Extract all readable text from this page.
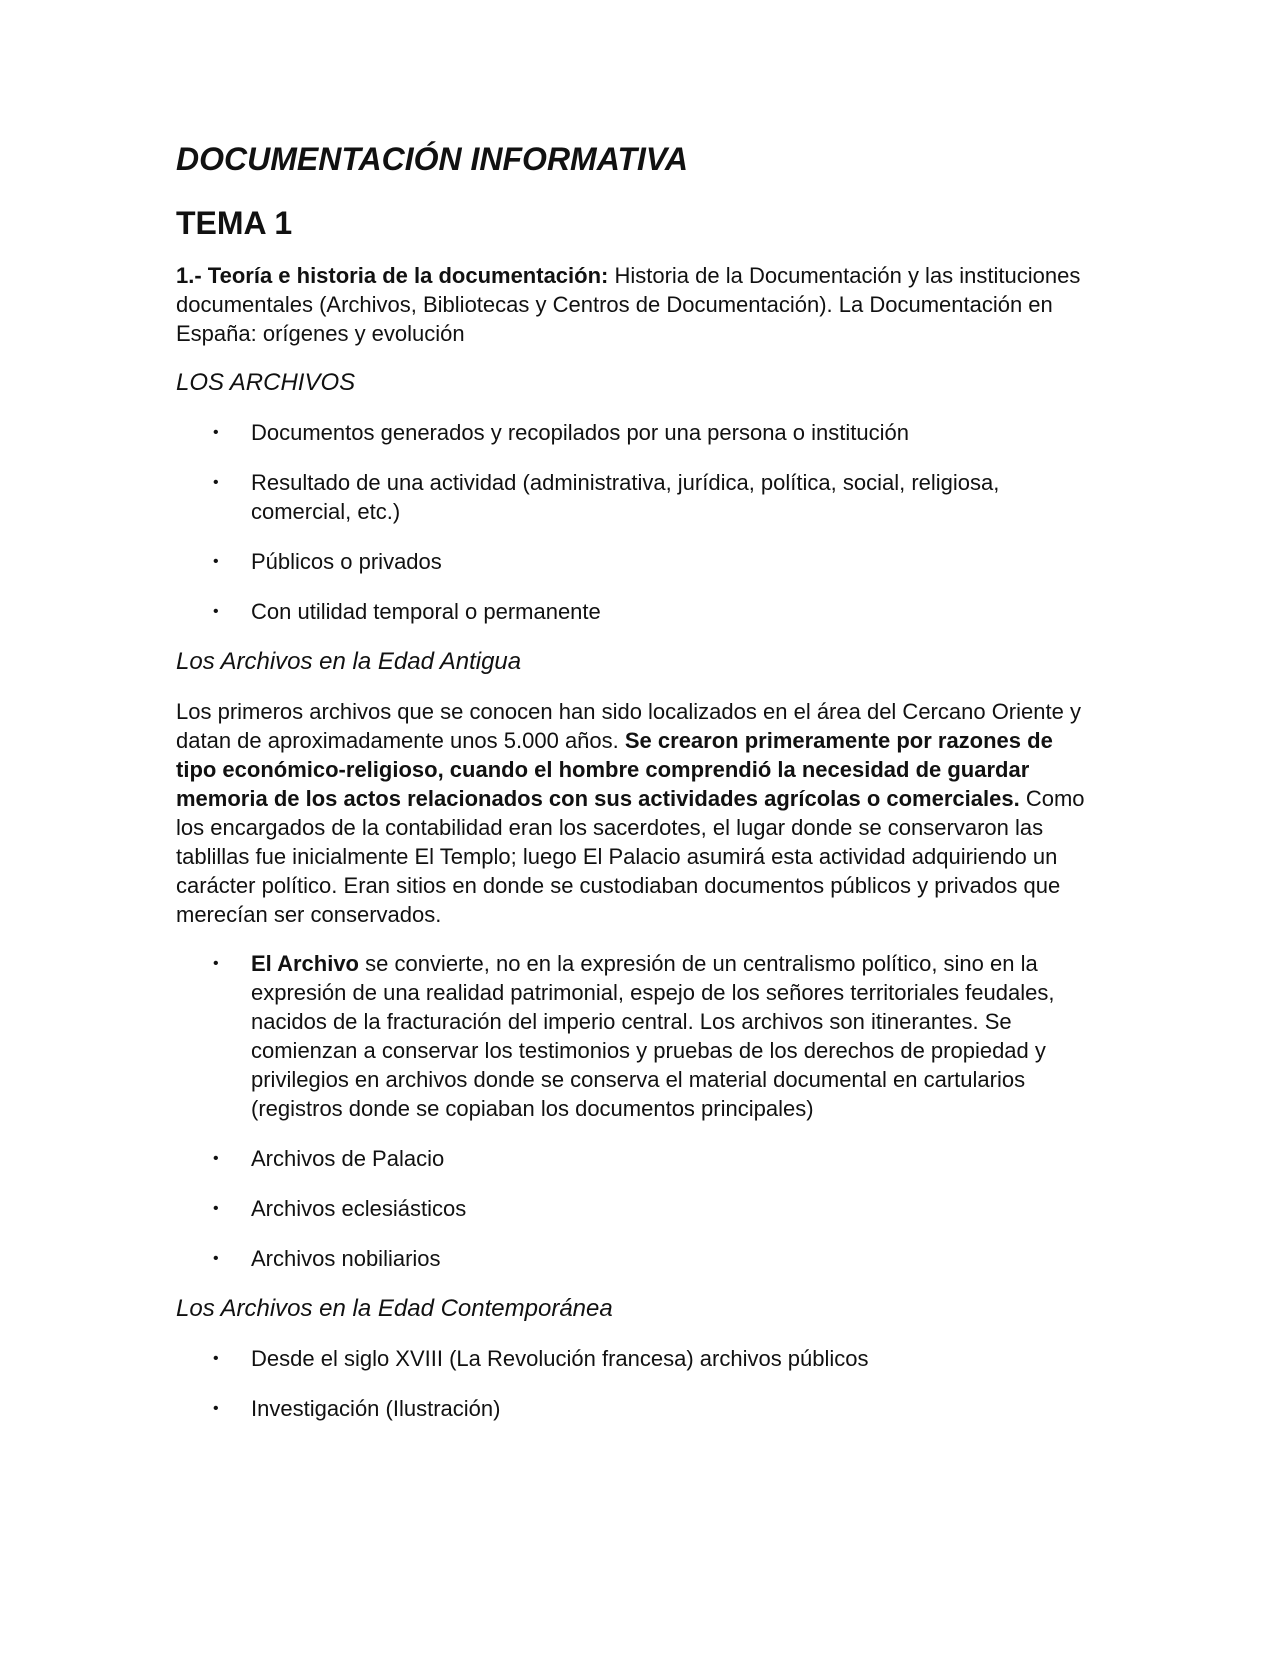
DOCUMENTACIÓN INFORMATIVA
TEMA 1

1.- Teoría e historia de la documentación: Historia de la Documentación y las instituciones documentales (Archivos, Bibliotecas y Centros de Documentación). La Documentación en España: orígenes y evolución

LOS ARCHIVOS
• Documentos generados y recopilados por una persona o institución
• Resultado de una actividad (administrativa, jurídica, política, social, religiosa, comercial, etc.)
• Públicos o privados
• Con utilidad temporal o permanente
Los Archivos en la Edad Antigua

Los primeros archivos que se conocen han sido localizados en el área del Cercano Oriente y datan de aproximadamente unos 5.000 años. Se crearon primeramente por razones de tipo económico-religioso, cuando el hombre comprendió la necesidad de guardar memoria de los actos relacionados con sus actividades agrícolas o comerciales. Como los encargados de la contabilidad eran los sacerdotes, el lugar donde se conservaron las tablillas fue inicialmente El Templo; luego El Palacio asumirá esta actividad adquiriendo un carácter político. Eran sitios en donde se custodiaban documentos públicos y privados que merecían ser conservados.

• El Archivo se convierte, no en la expresión de un centralismo político, sino en la expresión de una realidad patrimonial, espejo de los señores territoriales feudales, nacidos de la fracturación del imperio central. Los archivos son itinerantes. Se comienzan a conservar los testimonios y pruebas de los derechos de propiedad y privilegios en archivos donde se conserva el material documental en cartularios (registros donde se copiaban los documentos principales)
• Archivos de Palacio
• Archivos eclesiásticos
• Archivos nobiliarios
Los Archivos en la Edad Contemporánea
• Desde el siglo XVIII (La Revolución francesa) archivos públicos
• Investigación (Ilustración)
